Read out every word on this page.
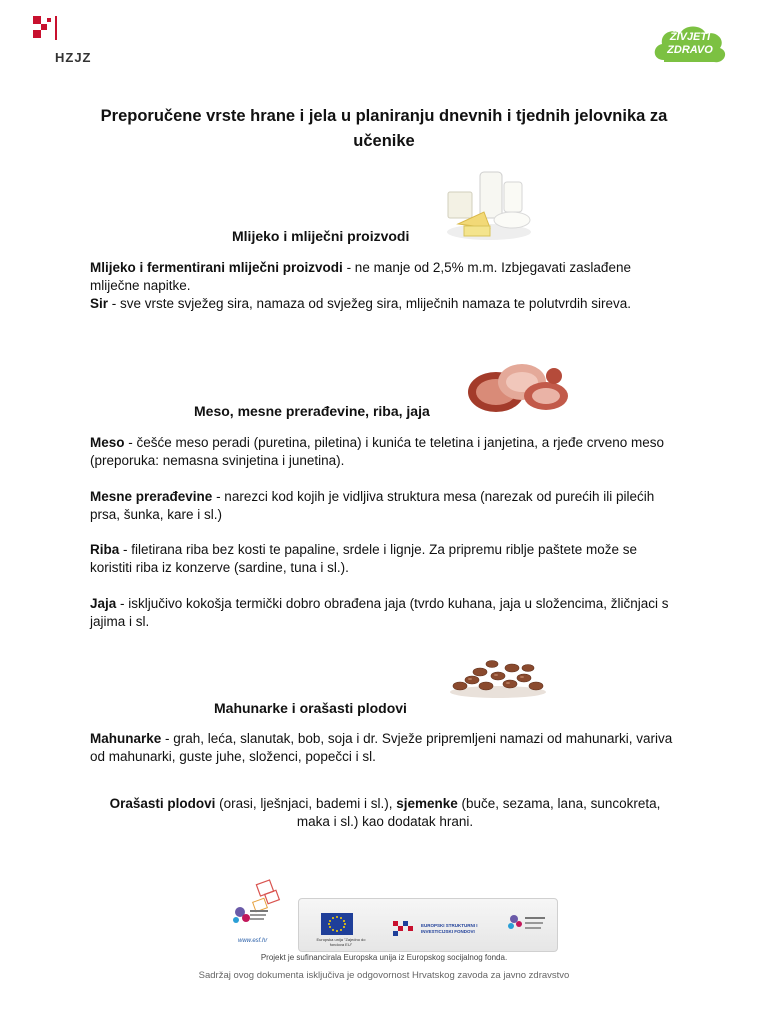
HZJZ
ŽIVJETI
ZDRAVO
Preporučene vrste hrane i jela u planiranju dnevnih i tjednih jelovnika za učenike
Mlijeko i mliječni proizvodi
Mlijeko i fermentirani mliječni proizvodi - ne manje od 2,5% m.m. Izbjegavati zaslađene mliječne napitke.
Sir - sve vrste svježeg sira, namaza od svježeg sira, mliječnih namaza te polutvrdih sireva.
Meso, mesne prerađevine, riba, jaja
Meso - češće meso peradi (puretina, piletina) i kunića te teletina i janjetina, a rjeđe crveno meso (preporuka: nemasna svinjetina i junetina).
Mesne prerađevine - narezci kod kojih je vidljiva struktura mesa (narezak od purećih ili pilećih prsa, šunka, kare i sl.)
Riba - filetirana riba bez kosti te papaline, srdele i lignje. Za pripremu riblje paštete može se koristiti riba iz konzerve (sardine, tuna i sl.).
Jaja - isključivo kokošja termički dobro obrađena jaja (tvrdo kuhana, jaja u složencima, žličnjaci s jajima i sl.
Mahunarke i orašasti plodovi
Mahunarke - grah, leća, slanutak, bob, soja i dr. Svježe pripremljeni namazi od mahunarki, variva od mahunarki, guste juhe, složenci, popečci i sl.
Orašasti plodovi (orasi, lješnjaci, bademi i sl.), sjemenke (buče, sezama, lana, suncokreta, maka i sl.) kao dodatak hrani.
www.esf.hr	Europska unija "Zajedno do fondova EU"
EUROPSKI STRUKTURNI I INVESTICIJSKI FONDOVI
Projekt je sufinancirala Europska unija iz Europskog socijalnog fonda.
Sadržaj ovog dokumenta isključiva je odgovornost Hrvatskog zavoda za javno zdravstvo
